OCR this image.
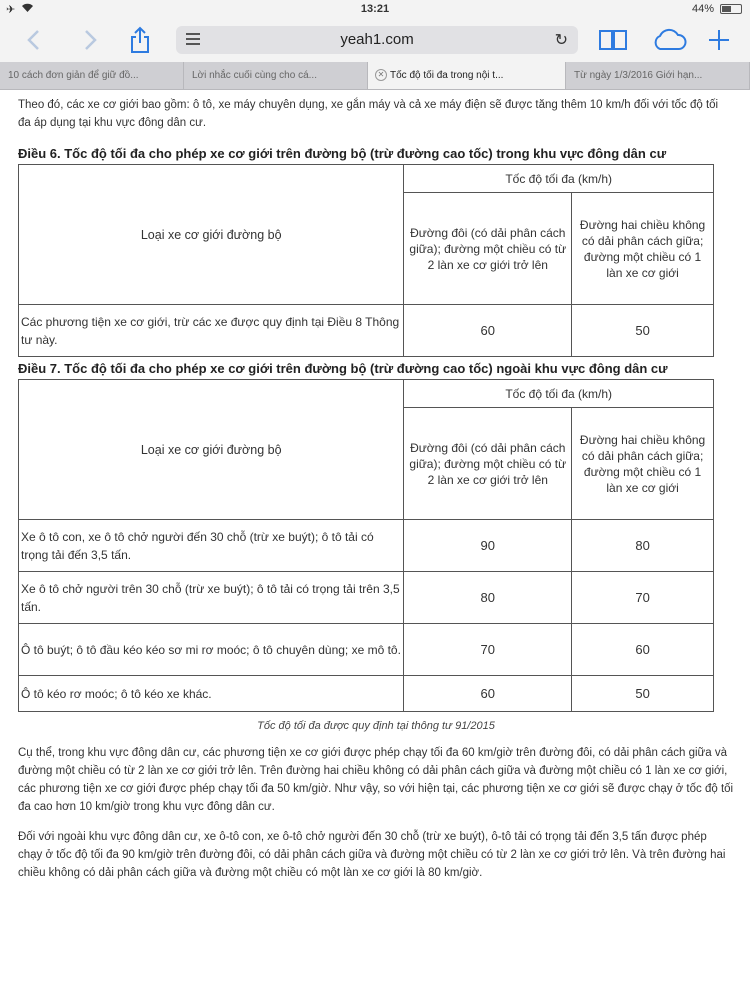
✈	13:21	44%
yeah1.com	↻
10 cách đơn giản để giữ đồ...	Lời nhắc cuối cùng cho cá...	✕ Tốc độ tối đa trong nội t...	Từ ngày 1/3/2016 Giới hạn...

Theo đó, các xe cơ giới bao gồm: ô tô, xe máy chuyên dụng, xe gắn máy và cả xe máy điện sẽ được tăng thêm 10 km/h đối với tốc độ tối đa áp dụng tại khu vực đông dân cư.

Điều 6. Tốc độ tối đa cho phép xe cơ giới trên đường bộ (trừ đường cao tốc) trong khu vực đông dân cư
Loại xe cơ giới đường bộ	Tốc độ tối đa (km/h)	
	Đường đôi (có dải phân cách giữa); đường một chiều có từ 2 làn xe cơ giới trở lên	Đường hai chiều không có dải phân cách giữa; đường một chiều có 1 làn xe cơ giới
Các phương tiện xe cơ giới, trừ các xe được quy định tại Điều 8 Thông tư này.	60	50
Điều 7. Tốc độ tối đa cho phép xe cơ giới trên đường bộ (trừ đường cao tốc) ngoài khu vực đông dân cư
Loại xe cơ giới đường bộ	Tốc độ tối đa (km/h)	
	Đường đôi (có dải phân cách giữa); đường một chiều có từ 2 làn xe cơ giới trở lên	Đường hai chiều không có dải phân cách giữa; đường một chiều có 1 làn xe cơ giới
Xe ô tô con, xe ô tô chở người đến 30 chỗ (trừ xe buýt); ô tô tải có trọng tải đến 3,5 tấn.	90	80
Xe ô tô chở người trên 30 chỗ (trừ xe buýt); ô tô tải có trọng tải trên 3,5 tấn.	80	70
Ô tô buýt; ô tô đầu kéo kéo sơ mi rơ moóc; ô tô chuyên dùng; xe mô tô.	70	60
Ô tô kéo rơ moóc; ô tô kéo xe khác.	60	50

Tốc độ tối đa được quy định tại thông tư 91/2015

Cụ thể, trong khu vực đông dân cư, các phương tiện xe cơ giới được phép chạy tối đa 60 km/giờ trên đường đôi, có dải phân cách giữa và đường một chiều có từ 2 làn xe cơ giới trở lên. Trên đường hai chiều không có dải phân cách giữa và đường một chiều có 1 làn xe cơ giới, các phương tiện xe cơ giới được phép chạy tối đa 50 km/giờ. Như vậy, so với hiện tại, các phương tiện xe cơ giới sẽ được chạy ở tốc độ tối đa cao hơn 10 km/giờ trong khu vực đông dân cư.

Đối với ngoài khu vực đông dân cư, xe ô-tô con, xe ô-tô chở người đến 30 chỗ (trừ xe buýt), ô-tô tải có trọng tải đến 3,5 tấn được phép chạy ở tốc độ tối đa 90 km/giờ trên đường đôi, có dải phân cách giữa và đường một chiều có từ 2 làn xe cơ giới trở lên. Và trên đường hai chiều không có dải phân cách giữa và đường một chiều có một làn xe cơ giới là 80 km/giờ.
